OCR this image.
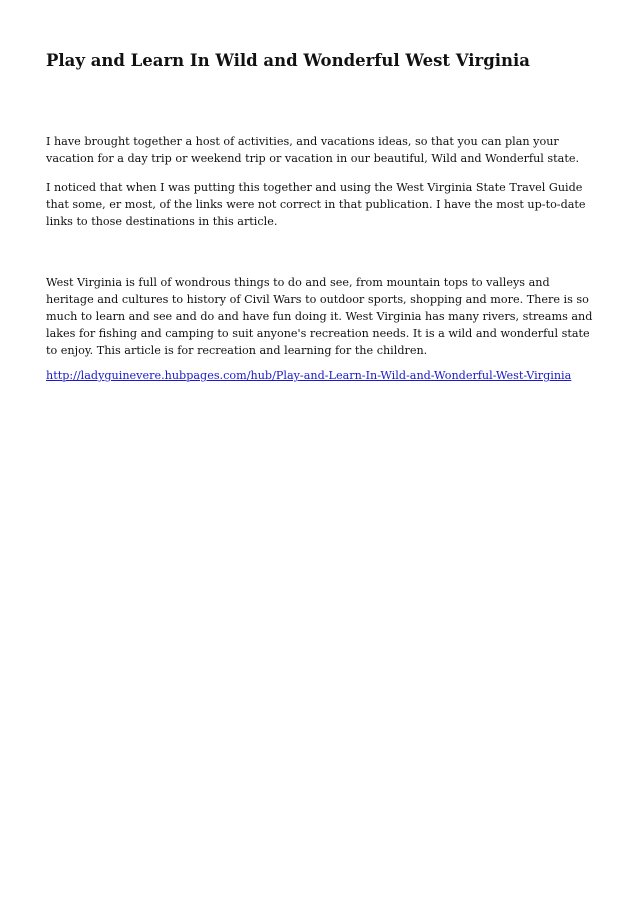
Play and Learn In Wild and Wonderful West Virginia

I have brought together a host of activities, and vacations ideas, so that you can plan your vacation for a day trip or weekend trip or vacation in our beautiful, Wild and Wonderful state.

I noticed that when I was putting this together and using the West Virginia State Travel Guide that some, er most, of the links were not correct in that publication. I have the most up-to-date links to those destinations in this article.

West Virginia is full of wondrous things to do and see, from mountain tops to valleys and heritage and cultures to history of Civil Wars to outdoor sports, shopping and more. There is so much to learn and see and do and have fun doing it. West Virginia has many rivers, streams and lakes for fishing and camping to suit anyone's recreation needs. It is a wild and wonderful state to enjoy. This article is for recreation and learning for the children.

http://ladyguinevere.hubpages.com/hub/Play-and-Learn-In-Wild-and-Wonderful-West-Virginia
